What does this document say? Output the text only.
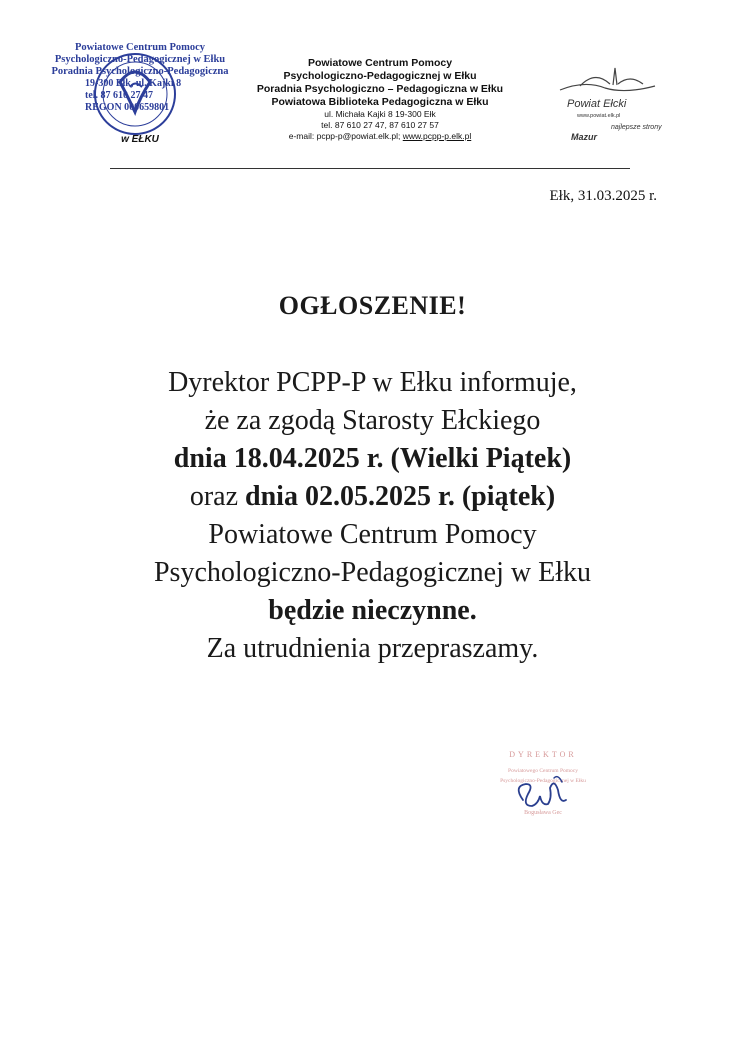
Powiatowe Centrum Pomocy
Psychologiczno-Pedagogicznej w Ełku
Poradnia Psychologiczno-Pedagogiczna
19-300 Ełk, ul. Kajki 8
tel. 87 610 27 47
REGON 000659801
w EŁKU
Powiatowe Centrum Pomocy
Psychologiczno-Pedagogicznej w Ełku
Poradnia Psychologiczno – Pedagogiczna w Ełku
Powiatowa Biblioteka Pedagogiczna w Ełku
ul. Michała Kajki 8 19-300 Ełk
tel. 87 610 27 47, 87 610 27 57
e-mail: pcpp-p@powiat.elk.pl; www.pcpp-p.elk.pl
Powiat Ełcki
www.powiat.elk.pl
najlepsze strony
Mazur
Ełk, 31.03.2025 r.
OGŁOSZENIE!
Dyrektor PCPP-P w Ełku informuje,
że za zgodą Starosty Ełckiego
dnia 18.04.2025 r. (Wielki Piątek)
oraz dnia 02.05.2025 r. (piątek)
Powiatowe Centrum Pomocy
Psychologiczno-Pedagogicznej w Ełku
będzie nieczynne.
Za utrudnienia przepraszamy.
DYREKTOR
Powiatowego Centrum Pomocy
Psychologiczno-Pedagogicznej w Ełku
Bogusława Gec
